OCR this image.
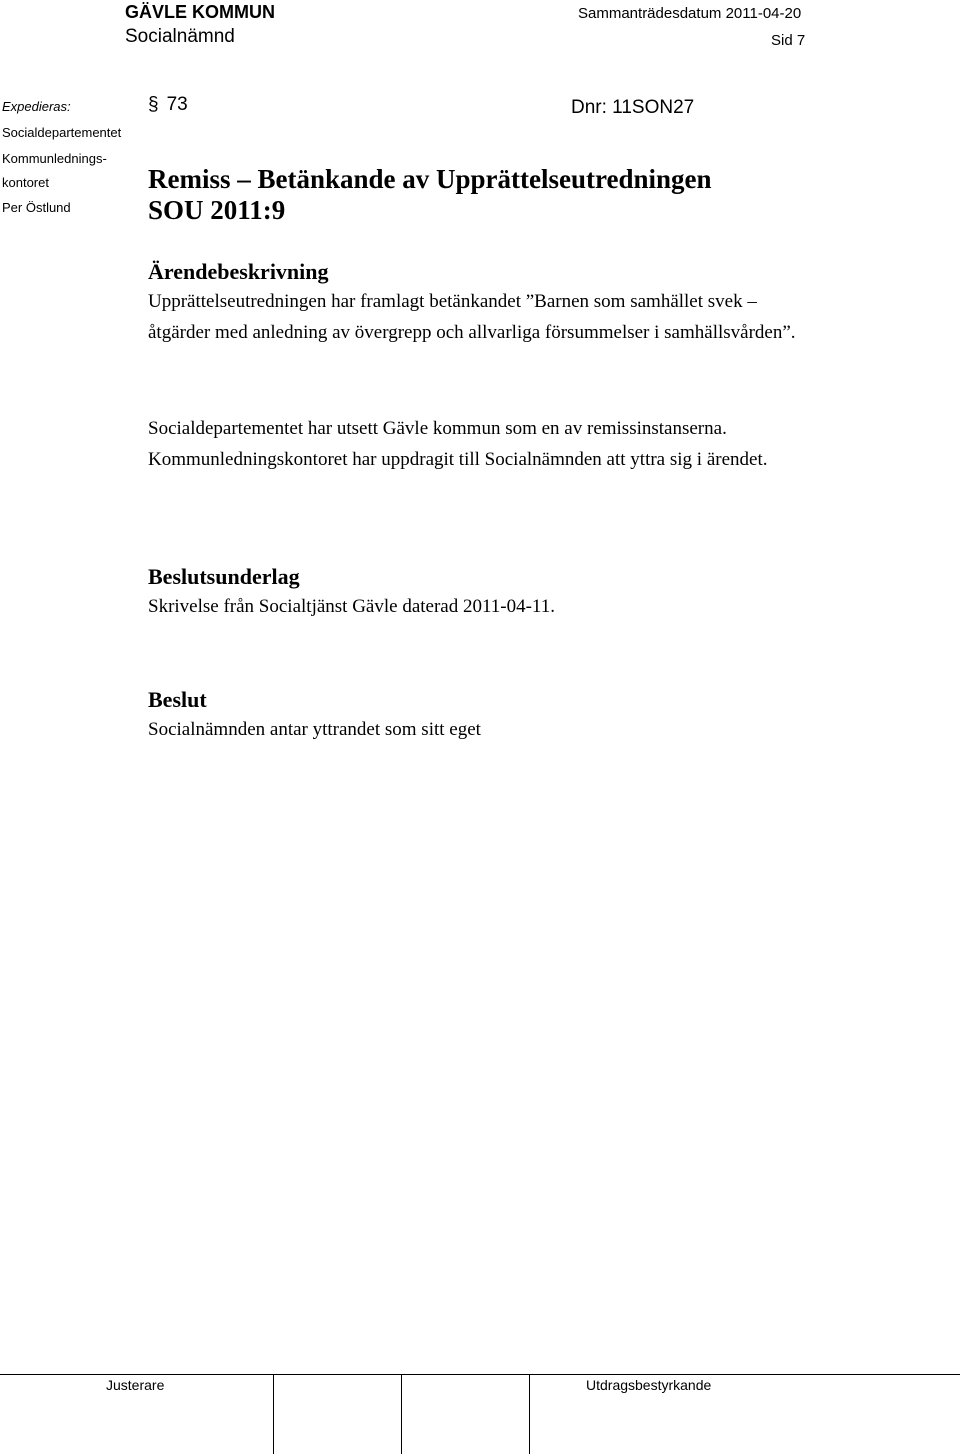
GÄVLE KOMMUN
Socialnämnd
Sammanträdesdatum 2011-04-20
Sid 7
Expedieras:
Socialdepartementet
Kommunlednings-
kontoret
Per Östlund
§ 73	Dnr: 11SON27
Remiss – Betänkande av Upprättelseutredningen
SOU 2011:9
Ärendebeskrivning
Upprättelseutredningen har framlagt betänkandet ”Barnen som samhället svek – åtgärder med anledning av övergrepp och allvarliga försummelser i samhällsvården”.
Socialdepartementet har utsett Gävle kommun som en av remissinstanserna.
Kommunledningskontoret har uppdragit till Socialnämnden att yttra sig i ärendet.
Beslutsunderlag
Skrivelse från Socialtjänst Gävle daterad 2011-04-11.
Beslut
Socialnämnden antar yttrandet som sitt eget
Justerare	Utdragsbestyrkande
